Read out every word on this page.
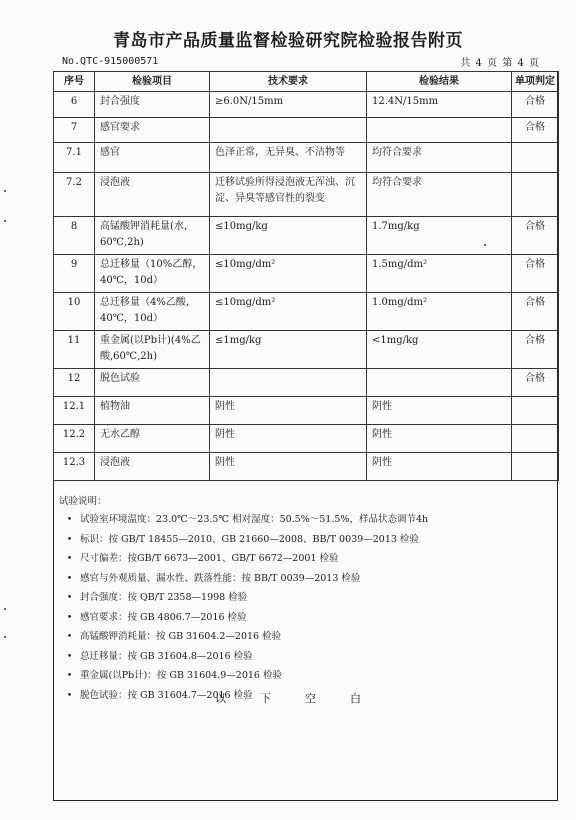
青岛市产品质量监督检验研究院检验报告附页
No.QTC-915000571	共 4 页 第 4 页
序号	检验项目	技术要求	检验结果	单项判定
6	封合强度	≥6.0N/15mm	12.4N/15mm	合格
7	感官要求			合格
7.1	感官	色泽正常，无异臭、不洁物等	均符合要求	
7.2	浸泡液	迁移试验所得浸泡液无浑浊、沉淀、异臭等感官性的裂变	均符合要求	
8	高锰酸钾消耗量(水，60℃,2h)	≤10mg/kg	1.7mg/kg	合格
9	总迁移量（10%乙醇，40℃，10d）	≤10mg/dm²	1.5mg/dm²	合格
10	总迁移量（4%乙酸，40℃，10d）	≤10mg/dm²	1.0mg/dm²	合格
11	重金属(以Pb计)(4%乙酸,60℃,2h)	≤1mg/kg	<1mg/kg	合格
12	脱色试验			合格
12.1	植物油	阴性	阴性	
12.2	无水乙醇	阴性	阴性	
12.3	浸泡液	阴性	阴性	
试验说明：
• 试验室环境温度：23.0℃～23.5℃ 相对湿度：50.5%～51.5%，样品状态调节4h
• 标识：按 GB/T 18455—2010、GB 21660—2008、BB/T 0039—2013 检验
• 尺寸偏差：按GB/T 6673—2001、GB/T 6672—2001 检验
• 感官与外观质量、漏水性、跌落性能：按 BB/T 0039—2013 检验
• 封合强度：按 QB/T 2358—1998 检验
• 感官要求：按 GB 4806.7—2016 检验
• 高锰酸钾消耗量：按 GB 31604.2—2016 检验
• 总迁移量：按 GB 31604.8—2016 检验
• 重金属(以Pb计)：按 GB 31604.9—2016 检验
• 脱色试验：按 GB 31604.7—2016 检验
以下空白
